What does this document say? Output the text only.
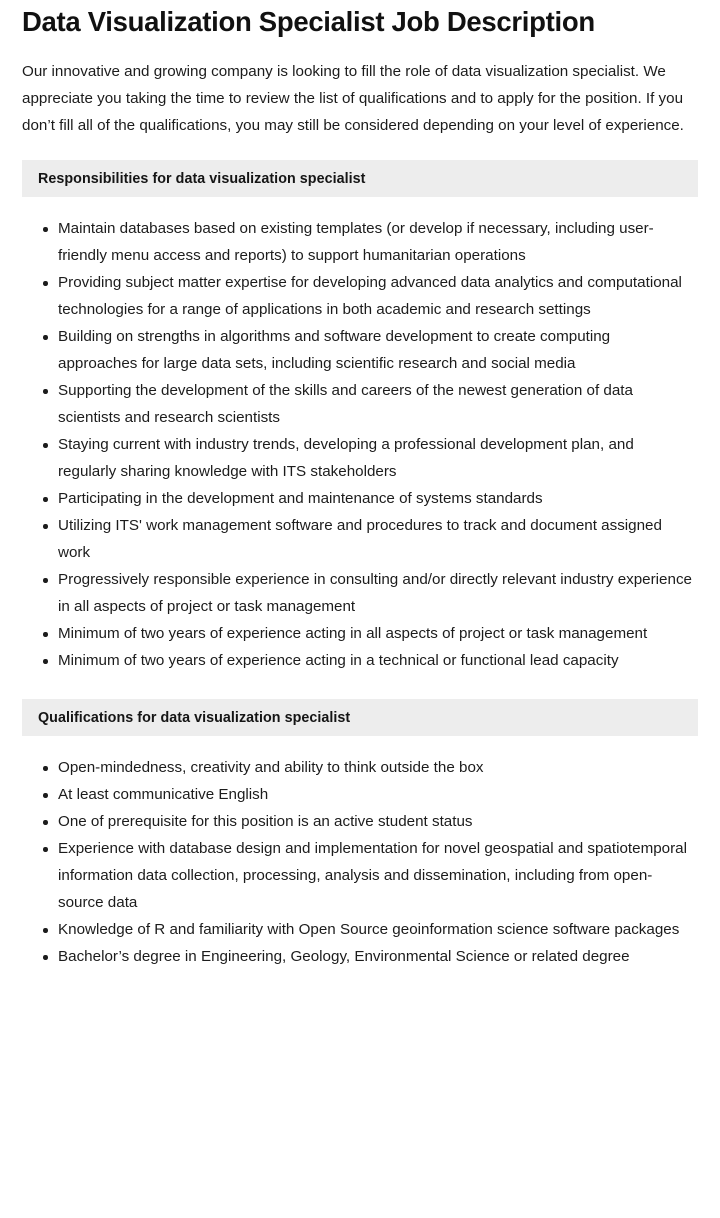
Data Visualization Specialist Job Description

Our innovative and growing company is looking to fill the role of data visualization specialist. We appreciate you taking the time to review the list of qualifications and to apply for the position. If you don’t fill all of the qualifications, you may still be considered depending on your level of experience.

Responsibilities for data visualization specialist
Maintain databases based on existing templates (or develop if necessary, including user-friendly menu access and reports) to support humanitarian operations
Providing subject matter expertise for developing advanced data analytics and computational technologies for a range of applications in both academic and research settings
Building on strengths in algorithms and software development to create computing approaches for large data sets, including scientific research and social media
Supporting the development of the skills and careers of the newest generation of data scientists and research scientists
Staying current with industry trends, developing a professional development plan, and regularly sharing knowledge with ITS stakeholders
Participating in the development and maintenance of systems standards
Utilizing ITS' work management software and procedures to track and document assigned work
Progressively responsible experience in consulting and/or directly relevant industry experience in all aspects of project or task management
Minimum of two years of experience acting in all aspects of project or task management
Minimum of two years of experience acting in a technical or functional lead capacity
Qualifications for data visualization specialist
Open-mindedness, creativity and ability to think outside the box
At least communicative English
One of prerequisite for this position is an active student status
Experience with database design and implementation for novel geospatial and spatiotemporal information data collection, processing, analysis and dissemination, including from open-source data
Knowledge of R and familiarity with Open Source geoinformation science software packages
Bachelor’s degree in Engineering, Geology, Environmental Science or related degree
